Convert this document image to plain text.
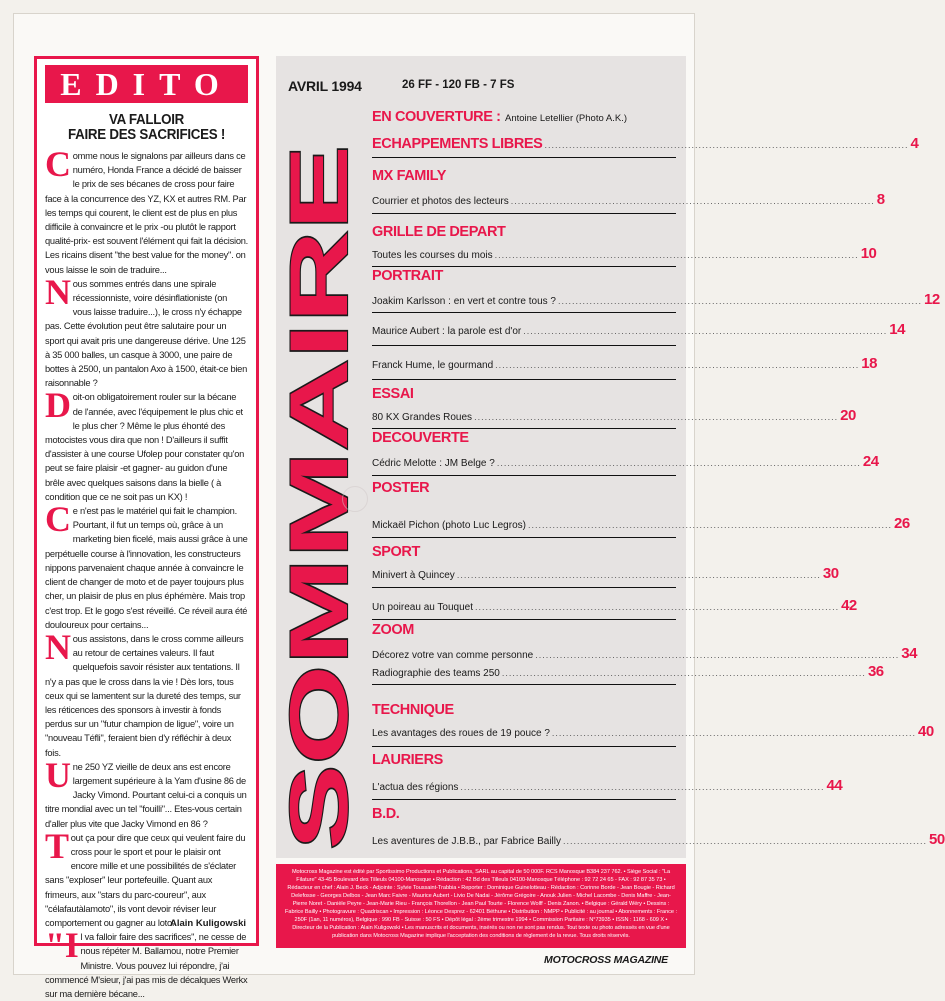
EDITO
VA FALLOIR
FAIRE DES SACRIFICES !

Comme nous le signalons par ailleurs dans ce numéro, Honda France a décidé de baisser le prix de ses bécanes de cross pour faire face à la concurrence des YZ, KX et autres RM. Par les temps qui courent, le client est de plus en plus difficile à convaincre et le prix -ou plutôt le rapport qualité-prix- est souvent l'élément qui fait la décision. Les ricains disent "the best value for the money". on vous laisse le soin de traduire...

Nous sommes entrés dans une spirale récessionniste, voire désinflationiste (on vous laisse traduire...), le cross n'y échappe pas. Cette évolution peut être salutaire pour un sport qui avait pris une dangereuse dérive. Une 125 à 35 000 balles, un casque à 3000, une paire de bottes à 2500, un pantalon Axo à 1500, était-ce bien raisonnable ?

Doit-on obligatoirement rouler sur la bécane de l'année, avec l'équipement le plus chic et le plus cher ? Même le plus éhonté des motocistes vous dira que non ! D'ailleurs il suffit d'assister à une course Ufolep pour constater qu'on peut se faire plaisir -et gagner- au guidon d'une brêle avec quelques saisons dans la bielle ( à condition que ce ne soit pas un KX) !

Ce n'est pas le matériel qui fait le champion. Pourtant, il fut un temps où, grâce à un marketing bien ficelé, mais aussi grâce à une perpétuelle course à l'innovation, les constructeurs nippons parvenaient chaque année à convaincre le client de changer de moto et de payer toujours plus cher, un plaisir de plus en plus éphémère. Mais trop c'est trop. Et le gogo s'est réveillé. Ce réveil aura été douloureux pour certains...

Nous assistons, dans le cross comme ailleurs au retour de certaines valeurs. Il faut quelquefois savoir résister aux tentations. Il n'y a pas que le cross dans la vie ! Dès lors, tous ceux qui se lamentent sur la dureté des temps, sur les réticences des sponsors à investir à fonds perdus sur un "futur champion de ligue", voire un "nouveau Téfli", feraient bien d'y réfléchir à deux fois.

Une 250 YZ vieille de deux ans est encore largement supérieure à la Yam d'usine 86 de Jacky Vimond. Pourtant celui-ci a conquis un titre mondial avec un tel "fouilli"... Etes-vous certain d'aller plus vite que Jacky Vimond en 86 ?

Tout ça pour dire que ceux qui veulent faire du cross pour le sport et pour le plaisir ont encore mille et une possibilités de s'éclater sans "exploser" leur portefeuille. Quant aux frimeurs, aux "stars du parc-coureur", aux "célafautàlamoto", ils vont devoir réviser leur comportement ou gagner au loto.

"Il va falloir faire des sacrifices", ne cesse de nous répéter M. Ballamou, notre Premier Ministre. Vous pouvez lui répondre, j'ai commencé M'sieur, j'ai pas mis de décalques Werkx sur ma dernière bécane...

Alain Kuligowski
AVRIL 1994	26 FF - 120 FB - 7 FS
SOMMAIRE
EN COUVERTURE : Antoine Letellier (Photo A.K.)
ECHAPPEMENTS LIBRES ........................................................................................................ 4
MX FAMILY
Courrier et photos des lecteurs ........................................................................................................ 8
GRILLE DE DEPART
Toutes les courses du mois ........................................................................................................ 10
PORTRAIT
Joakim Karlsson : en vert et contre tous ? ........................................................................................................ 12
Maurice Aubert : la parole est d'or ........................................................................................................ 14
Franck Hume, le gourmand ........................................................................................................ 18
ESSAI
80 KX Grandes Roues ........................................................................................................ 20
DECOUVERTE
Cédric Melotte : JM Belge ? ........................................................................................................ 24
POSTER
Mickaël Pichon (photo Luc Legros) ........................................................................................................ 26
SPORT
Minivert à Quincey ........................................................................................................ 30
Un poireau au Touquet ........................................................................................................ 42
ZOOM
Décorez votre van comme personne ........................................................................................................ 34
Radiographie des teams 250 ........................................................................................................ 36
TECHNIQUE
Les avantages des roues de 19 pouce ? ........................................................................................................ 40
LAURIERS
L'actua des régions ........................................................................................................ 44
B.D.
Les aventures de J.B.B., par Fabrice Bailly ........................................................................................................ 50
Motocross Magazine est édité par Sportissimo Productions et Publications, SARL au capital de 50 000F. RCS Manosque B384 237 762. • Siège Social : "La Filature" 43-45 Boulevard des Tilleuls 04100-Manosque • Rédaction : 42 Bd des Tilleuls 04100-Manosque Téléphone : 92 72 24 65 - FAX : 92 87 35 73 • Rédacteur en chef : Alain J. Beck - Adjointe : Sylvie Toussaint-Trabbia • Reporter : Dominique Guinelotteau - Rédaction : Corinne Borde - Jean Bougie - Richard Delefosse - Georges Delbos - Jean Marc Faivre - Maurice Aubert - Livio De Nadai - Jérôme Grégoire - Anouk Julien - Michel Lacombe - Denis Maffre - Jean-Pierre Noret - Danièle Peyre - Jean-Marie Rieu - François Thorellon - Jean Paul Tourte - Florence Wolff - Denis Zanon. • Belgique : Gérald Wéry • Dessins : Fabrice Bailly • Photogravure : Quadriscan • Impression : Léonce Desprez - 62401 Béthune • Distribution : NMPP • Publicité : au journal • Abonnements : France : 250F (1an, 11 numéros), Belgique : 990 FB - Suisse : 50 FS • Dépôt légal : 2ème trimestre 1994 • Commission Paritaire : N°73935 • ISSN : 1168 - 609 X • Directeur de la Publication : Alain Kuligowski • Les manuscrits et documents, insérés ou non ne sont pas rendus. Tout texte ou photo adressés en vue d'une publication dans Motocross Magazine implique l'acceptation des conditions de règlement de la revue. Tous droits réservés.
MOTOCROSS MAGAZINE
